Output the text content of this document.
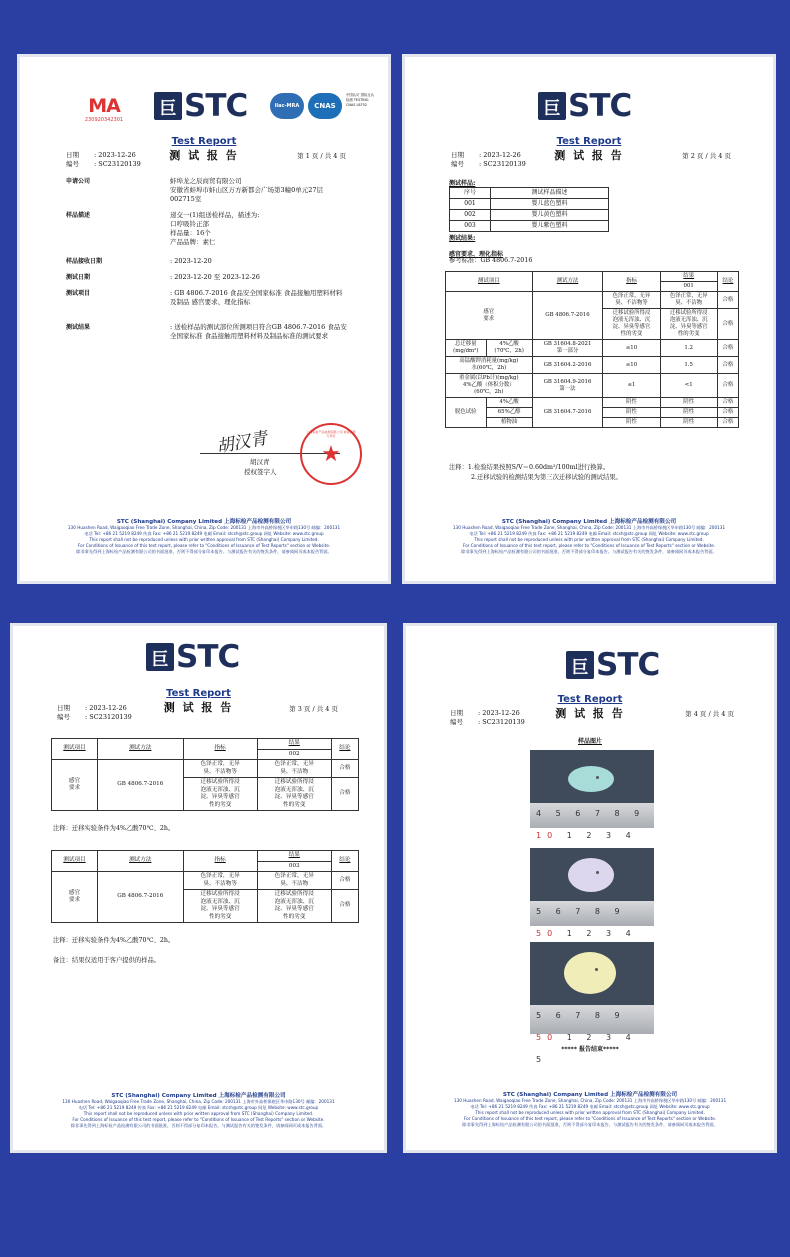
MA
230920342301
巨 STC	ilac-MRA CNAS
中国认可 国际互认 检测 TESTING CNAS L8752
Test Report
测 试 报 告
日期 : 2023-12-26
编号 : SC23120139
第 1 页 / 共 4 页
申请公司	蚌埠龙之辰商贸有限公司
安徽省蚌埠市蚌山区万方新都会广场第3幢0单元27层
002715室
样品描述	递交一(1)组送检样品，描述为:
口哼吸铃正部
样品量：16个
产品品牌：素仁
样品接收日期	: 2023-12-20
测试日期	: 2023-12-20 至 2023-12-26
测试项目	: GB 4806.7-2016 食品安全国家标准 食品接触用塑料材料
及制品 感官要求、理化指标
测试结果	: 送检样品的测试部位所测项目符合GB 4806.7-2016 食品安
全国家标准 食品接触用塑料材料及制品标准的测试要求
胡汉青
胡汉青
授权签字人
★
上海标检产品检测有限公司 检验检测专用章
STC (Shanghai) Company Limited 上海标检产品检测有限公司
130 Huashen Road, Waigaoqiao Free Trade Zone, Shanghai, China, Zip Code: 200131 上海市外高桥保税区华申路130号 邮编：200131
电话 Tel: +86 21 5219 8249 传真 Fax: +86 21 5219 8249 电邮 Email: stcsh@stc.group 网址 Website: www.stc.group
This report shall not be reproduced unless with prior written approval from STC (Shanghai) Company Limited.
For Conditions of Issuance of this test report, please refer to "Conditions of Issuance of Test Reports" section or Website.
除非事先得到上海标检产品检测有限公司的书面批准，否则不得部分复印本报告。与测试报告有关的签发条件，请参阅网页或本报告背面。
巨 STC
Test Report
测 试 报 告
日期 : 2023-12-26
编号 : SC23120139
第 2 页 / 共 4 页
测试样品:
序号	测试样品描述
001	婴儿蓝色塑料
002	婴儿黄色塑料
003	婴儿紫色塑料
测试结果:
感官要求、理化指标
参考标准：GB 4806.7-2016
测试项目		测试方法	指标	结果	结论
				001	
感官
要求		GB 4806.7-2016	色泽正常，无异
臭、不洁物等	色泽正常，无异
臭、不洁物	合格
			迁移试验所得浸
泡液无浑浊、沉
淀、异臭等感官
性的劣变	迁移试验所得浸
泡液无浑浊、沉
淀、异臭等感官
性的劣变	合格
总迁移量
(mg/dm²)	4%乙酸
(70℃，2h)	GB 31604.8-2021
第一部分	≤10	1.2	合格
高锰酸钾消耗量(mg/kg)
水(60℃，2h)		GB 31604.2-2016	≤10	1.5	合格
重金属(以Pb计)(mg/kg)
4%乙酸（体积分数）
(60℃，2h)		GB 31604.9-2016
第一法	≤1	<1	合格
脱色试验	4%乙酸	GB 31604.7-2016	阴性	阴性	合格
	65%乙醇		阴性	阴性	合格
	植物油		阴性	阴性	合格
注释：1.检验结果按照S/V＝0.60dm²/100ml进行换算。
2.迁移试验的检测结果为第三次迁移试验的测试结果。
STC (Shanghai) Company Limited 上海标检产品检测有限公司
130 Huashen Road, Waigaoqiao Free Trade Zone, Shanghai, China, Zip Code: 200131 上海市外高桥保税区华申路130号 邮编：200131
电话 Tel: +86 21 5219 8249 传真 Fax: +86 21 5219 8249 电邮 Email: stcsh@stc.group 网址 Website: www.stc.group
This report shall not be reproduced unless with prior written approval from STC (Shanghai) Company Limited.
For Conditions of Issuance of this test report, please refer to "Conditions of Issuance of Test Reports" section or Website.
除非事先得到上海标检产品检测有限公司的书面批准，否则不得部分复印本报告。与测试报告有关的签发条件，请参阅网页或本报告背面。
巨 STC
Test Report
测 试 报 告
日期 : 2023-12-26
编号 : SC23120139
第 3 页 / 共 4 页
测试项目	测试方法	指标	结果	结论
			002	
感官
要求	GB 4806.7-2016	色泽正常，无异
臭、不洁物等	色泽正常，无异
臭、不洁物	合格
		迁移试验所得浸
泡液无浑浊、沉
淀、异臭等感官
性的劣变	迁移试验所得浸
泡液无浑浊、沉
淀、异臭等感官
性的劣变	合格
注释：迁移实验条件为4%乙酸70℃、2h。
测试项目	测试方法	指标	结果	结论
			003	
感官
要求	GB 4806.7-2016	色泽正常，无异
臭、不洁物等	色泽正常，无异
臭、不洁物	合格
		迁移试验所得浸
泡液无浑浊、沉
淀、异臭等感官
性的劣变	迁移试验所得浸
泡液无浑浊、沉
淀、异臭等感官
性的劣变	合格
注释：迁移实验条件为4%乙酸70℃、2h。
备注：结果仅适用于客户提供的样品。
STC (Shanghai) Company Limited 上海标检产品检测有限公司
130 Huashen Road, Waigaoqiao Free Trade Zone, Shanghai, China, Zip Code: 200131 上海市外高桥保税区华申路130号 邮编：200131
电话 Tel: +86 21 5219 8249 传真 Fax: +86 21 5219 8249 电邮 Email: stcsh@stc.group 网址 Website: www.stc.group
This report shall not be reproduced unless with prior written approval from STC (Shanghai) Company Limited.
For Conditions of Issuance of this test report, please refer to "Conditions of Issuance of Test Reports" section or Website.
除非事先得到上海标检产品检测有限公司的书面批准，否则不得部分复印本报告。与测试报告有关的签发条件，请参阅网页或本报告背面。
巨 STC
Test Report
测 试 报 告
日期 : 2023-12-26
编号 : SC23120139
第 4 页 / 共 4 页
样品图片
4 5 6 7 8 9 10 1 2 3 4
5 6 7 8 9 50 1 2 3 4
5 6 7 8 9 50 1 2 3 4 5
***** 报告结束*****
STC (Shanghai) Company Limited 上海标检产品检测有限公司
130 Huashen Road, Waigaoqiao Free Trade Zone, Shanghai, China, Zip Code: 200131 上海市外高桥保税区华申路130号 邮编：200131
电话 Tel: +86 21 5219 8249 传真 Fax: +86 21 5219 8249 电邮 Email: stcsh@stc.group 网址 Website: www.stc.group
This report shall not be reproduced unless with prior written approval from STC (Shanghai) Company Limited.
For Conditions of Issuance of this test report, please refer to "Conditions of Issuance of Test Reports" section or Website.
除非事先得到上海标检产品检测有限公司的书面批准，否则不得部分复印本报告。与测试报告有关的签发条件，请参阅网页或本报告背面。
